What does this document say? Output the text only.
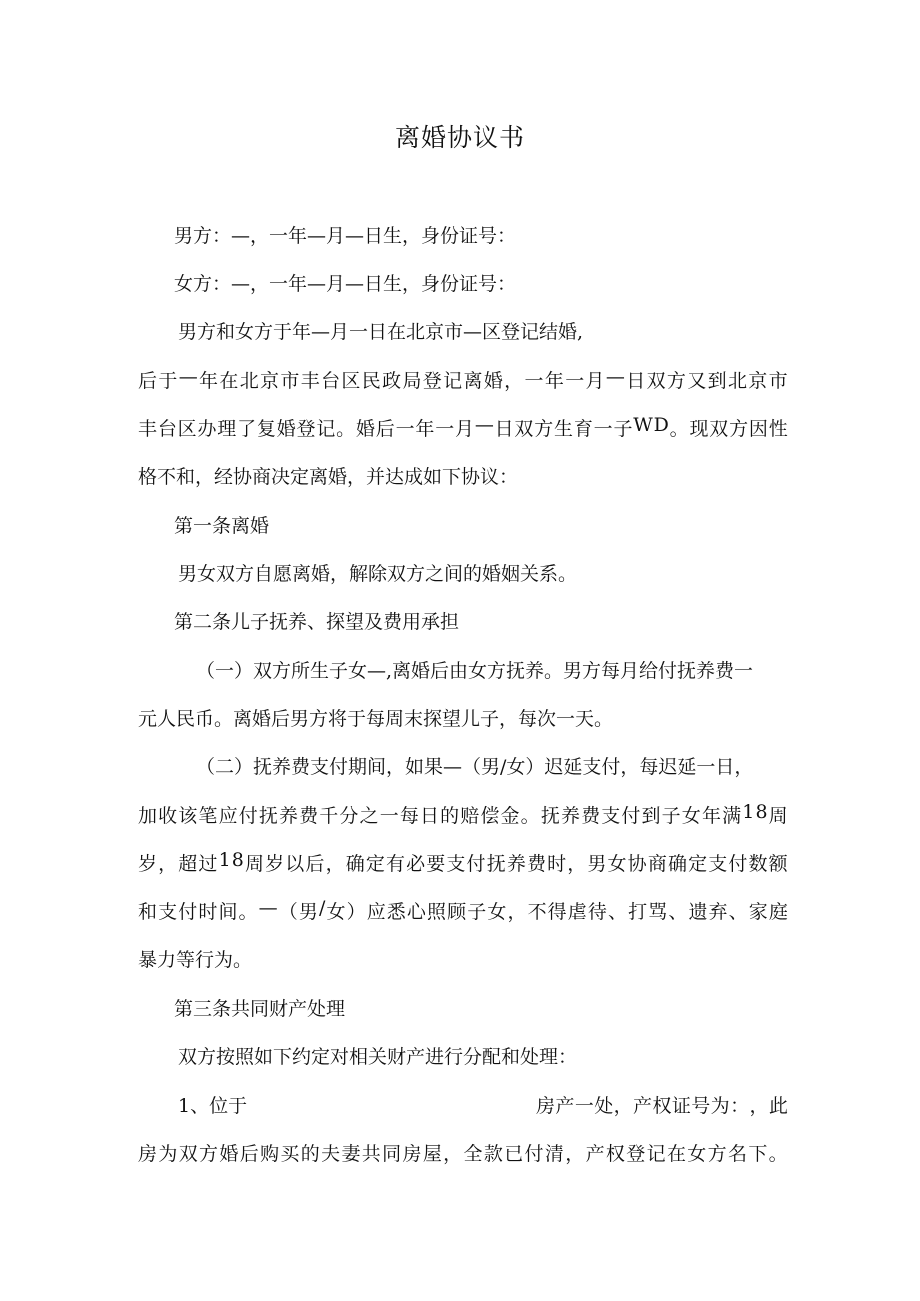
离婚协议书
男方：—，一年—月—日生，身份证号：
女方：—，一年—月—日生，身份证号：
男方和女方于年—月一日在北京市—区登记结婚,
后 于 — 年 在 北 京 市 丰 台 区 民 政 局 登 记 离 婚 ， 一 年 一 月 — 日 双 方 又 到 北 京 市
丰 台 区 办 理 了 复 婚 登 记 。 婚 后 一 年 一 月 — 日 双 方 生 育 一 子 W D 。 现 双 方 因 性
格不和，经协商决定离婚，并达成如下协议：
第一条离婚
男女双方自愿离婚，解除双方之间的婚姻关系。
第二条儿子抚养、探望及费用承担
（一）双方所生子女—,离婚后由女方抚养。男方每月给付抚养费一
元人民币。离婚后男方将于每周末探望儿子，每次一天。
（二）抚养费支付期间，如果—（男/女）迟延支付，每迟延一日，
加 收 该 笔 应 付 抚 养 费 千 分 之 一 每 日 的 赔 偿 金 。 抚 养 费 支 付 到 子 女 年 满 1 8 周
岁 ， 超 过 1 8 周 岁 以 后 ， 确 定 有 必 要 支 付 抚 养 费 时 ， 男 女 协 商 确 定 支 付 数 额
和 支 付 时 间 。 — （ 男 / 女 ） 应 悉 心 照 顾 子 女 ， 不 得 虐 待 、 打 骂 、 遗 弃 、 家 庭
暴力等行为。
第三条共同财产处理
双方按照如下约定对相关财产进行分配和处理：
1、位于	房 产 一 处 ， 产 权 证 号 为 ： ， 此
房 为 双 方 婚 后 购 买 的 夫 妻 共 同 房 屋 ， 全 款 已 付 清 ， 产 权 登 记 在 女 方 名 下 。
